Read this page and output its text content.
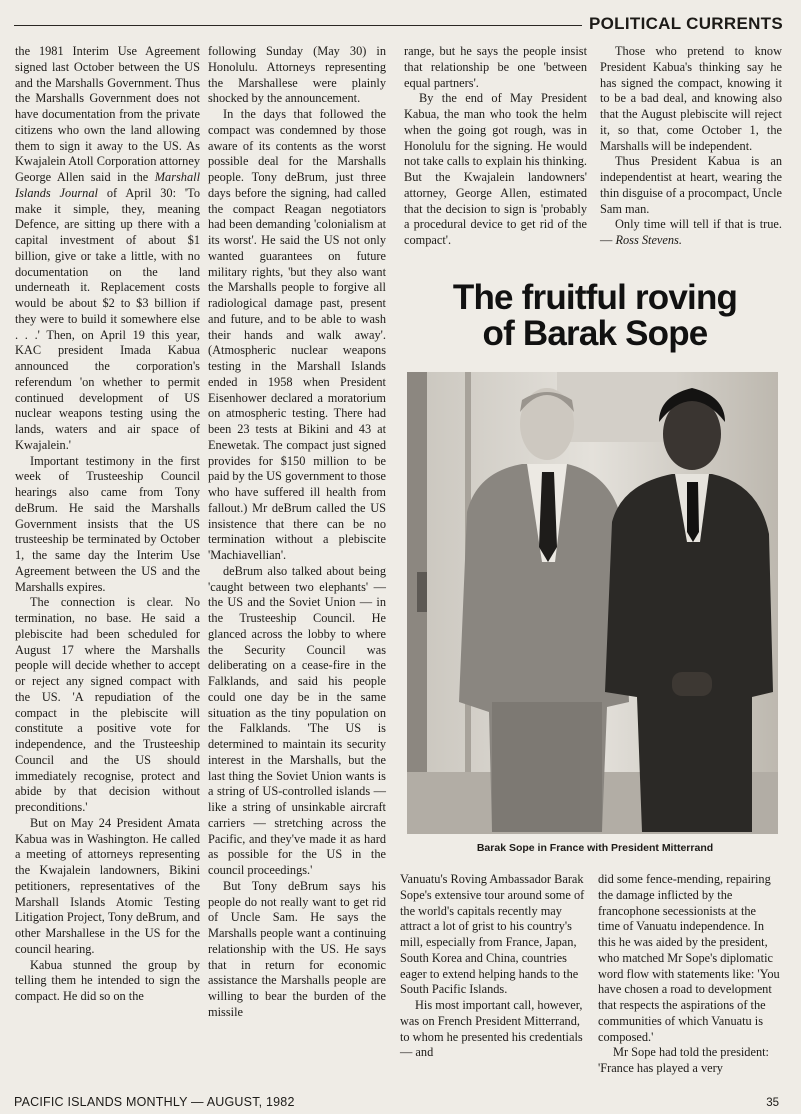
POLITICAL CURRENTS

the 1981 Interim Use Agreement signed last October between the US and the Marshalls Government. Thus the Marshalls Government does not have documentation from the private citizens who own the land allowing them to sign it away to the US. As Kwajalein Atoll Corporation attorney George Allen said in the Marshall Islands Journal of April 30: 'To make it simple, they, meaning Defence, are sitting up there with a capital investment of about $1 billion, give or take a little, with no documentation on the land underneath it. Replacement costs would be about $2 to $3 billion if they were to build it somewhere else . . .' Then, on April 19 this year, KAC president Imada Kabua announced the corporation's referendum 'on whether to permit continued development of US nuclear weapons testing using the lands, waters and air space of Kwajalein.'

Important testimony in the first week of Trusteeship Council hearings also came from Tony deBrum. He said the Marshalls Government insists that the US trusteeship be terminated by October 1, the same day the Interim Use Agreement between the US and the Marshalls expires.

The connection is clear. No termination, no base. He said a plebiscite had been scheduled for August 17 where the Marshalls people will decide whether to accept or reject any signed compact with the US. 'A repudiation of the compact in the plebiscite will constitute a positive vote for independence, and the Trusteeship Council and the US should immediately recognise, protect and abide by that decision without preconditions.'

But on May 24 President Amata Kabua was in Washington. He called a meeting of attorneys representing the Kwajalein landowners, Bikini petitioners, representatives of the Marshall Islands Atomic Testing Litigation Project, Tony deBrum, and other Marshallese in the US for the council hearing.

Kabua stunned the group by telling them he intended to sign the compact. He did so on the

following Sunday (May 30) in Honolulu. Attorneys representing the Marshallese were plainly shocked by the announcement.

In the days that followed the compact was condemned by those aware of its contents as the worst possible deal for the Marshalls people. Tony deBrum, just three days before the signing, had called the compact Reagan negotiators had been demanding 'colonialism at its worst'. He said the US not only wanted guarantees on future military rights, 'but they also want the Marshalls people to forgive all radiological damage past, present and future, and to be able to wash their hands and walk away'. (Atmospheric nuclear weapons testing in the Marshall Islands ended in 1958 when President Eisenhower declared a moratorium on atmospheric testing. There had been 23 tests at Bikini and 43 at Enewetak. The compact just signed provides for $150 million to be paid by the US government to those who have suffered ill health from fallout.) Mr deBrum called the US insistence that there can be no termination without a plebiscite 'Machiavellian'.

deBrum also talked about being 'caught between two elephants' — the US and the Soviet Union — in the Trusteeship Council. He glanced across the lobby to where the Security Council was deliberating on a cease-fire in the Falklands, and said his people could one day be in the same situation as the tiny population on the Falklands. 'The US is determined to maintain its security interest in the Marshalls, but the last thing the Soviet Union wants is a string of US-controlled islands — like a string of unsinkable aircraft carriers — stretching across the Pacific, and they've made it as hard as possible for the US in the council proceedings.'

But Tony deBrum says his people do not really want to get rid of Uncle Sam. He says the Marshalls people want a continuing relationship with the US. He says that in return for economic assistance the Marshalls people are willing to bear the burden of the missile

range, but he says the people insist that relationship be one 'between equal partners'.

By the end of May President Kabua, the man who took the helm when the going got rough, was in Honolulu for the signing. He would not take calls to explain his thinking. But the Kwajalein landowners' attorney, George Allen, estimated that the decision to sign is 'probably a procedural device to get rid of the compact'.

Those who pretend to know President Kabua's thinking say he has signed the compact, knowing it to be a bad deal, and knowing also that the August plebiscite will reject it, so that, come October 1, the Marshalls will be independent.

Thus President Kabua is an independentist at heart, wearing the thin disguise of a procompact, Uncle Sam man.

Only time will tell if that is true. — Ross Stevens.

The fruitful roving
of Barak Sope
Barak Sope in France with President Mitterrand

Vanuatu's Roving Ambassador Barak Sope's extensive tour around some of the world's capitals recently may attract a lot of grist to his country's mill, especially from France, Japan, South Korea and China, countries eager to extend helping hands to the South Pacific Islands.

His most important call, however, was on French President Mitterrand, to whom he presented his credentials — and

did some fence-mending, repairing the damage inflicted by the francophone secessionists at the time of Vanuatu independence. In this he was aided by the president, who matched Mr Sope's diplomatic word flow with statements like: 'You have chosen a road to development that respects the aspirations of the communities of which Vanuatu is composed.'

Mr Sope had told the president: 'France has played a very

PACIFIC ISLANDS MONTHLY — AUGUST, 1982	35
